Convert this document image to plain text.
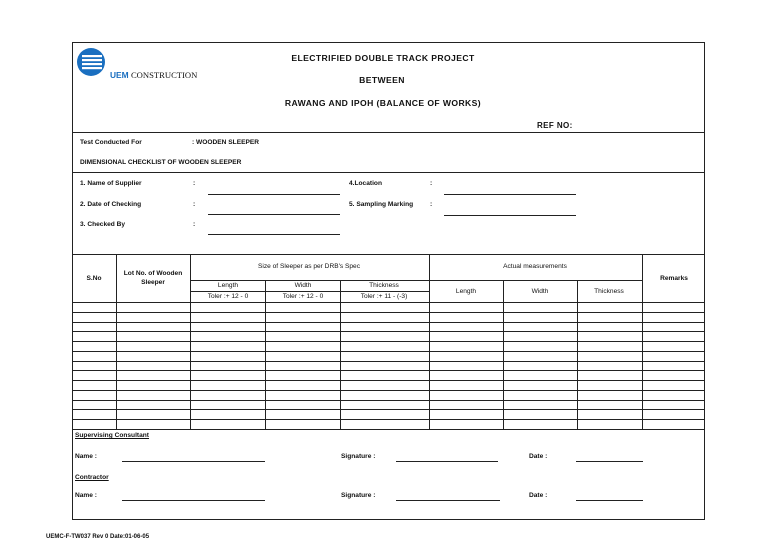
UEM CONSTRUCTION
ELECTRIFIED DOUBLE TRACK PROJECT
BETWEEN
RAWANG AND IPOH (BALANCE OF WORKS)
REF NO:
Test Conducted For	: WOODEN SLEEPER
DIMENSIONAL CHECKLIST OF WOODEN SLEEPER
1. Name of Supplier	:
2. Date of Checking	:
3. Checked By	:
4.Location	:
5. Sampling Marking	:
S.No
Lot No. of Wooden
Sleeper
Size of Sleeper as per DRB's Spec	Actual measurements
Remarks
Length	Width	Thickness
Toler :+ 12 - 0	Toler :+ 12 - 0	Toler :+ 11 - (-3)
Length	Width	Thickness
Supervising Consultant
Name :	Signature :	Date :
Contractor
Name :	Signature :	Date :
UEMC-F-TW037 Rev 0 Date:01-06-05
